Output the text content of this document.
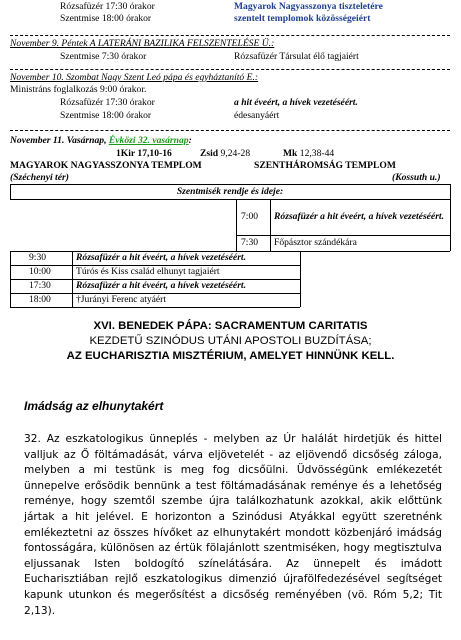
Rózsafüzér 17:30 órakor	Magyarok Nagyasszonya tiszteletére
Szentmise 18:00 órakor	szentelt templomok közösségeiért
November 9. Péntek A LATERÁNI BAZILIKA FELSZENTELÉSE Ü.:
Szentmise 7:30 órakor	Rózsafüzér Társulat élő tagjaiért
November 10. Szombat Nagy Szent Leó pápa és egyháztanító E.:
Ministráns foglalkozás 9:00 órakor.
Rózsafüzér 17:30 órakor	a hit éveért, a hívek vezetéséért.
Szentmise 18:00 órakor	édesanyáért
November 11. Vasárnap, Évközi 32. vasárnap:
1Kir 17,10-16	Zsid 9,24-28	Mk 12,38-44
MAGYAROK NAGYASSZONYA TEMPLOM	SZENTHÁROMSÁG TEMPLOM
(Széchenyi tér)	(Kossuth u.)
Szentmisék rendje és ideje:
7:00 Rózsafüzér a hit éveért, a hívek vezetéséért.
7:30 Főpásztor szándékára
9:30	Rózsafüzér a hit éveért, a hívek vezetéséért.
10:00	Túrós és Kiss család elhunyt tagjaiért
17:30	Rózsafüzér a hit éveért, a hívek vezetéséért.
18:00	†Jurányi Ferenc atyáért
XVI. BENEDEK PÁPA: SACRAMENTUM CARITATIS
KEZDETŰ SZINÓDUS UTÁNI APOSTOLI BUZDÍTÁSA;
AZ EUCHARISZTIA MISZTÉRIUM, AMELYET HINNÜNK KELL.
Imádság az elhunytakért
32. Az eszkatologikus ünneplés - melyben az Úr halálát hirdetjük és hittel valljuk az Ő föltámadását, várva eljövetelét - az eljövendő dicsőség záloga, melyben a mi testünk is meg fog dicsőülni. Üdvösségünk emlékezetét ünnepelve erősödik bennünk a test föltámadásának reménye és a lehetőség reménye, hogy szemtől szembe újra találkozhatunk azokkal, akik előttünk jártak a hit jelével. E horizonton a Szinódusi Atyákkal együtt szeretnénk emlékeztetni az összes hívőket az elhunytakért mondott közbenjáró imádság fontosságára, különösen az értük fölajánlott szentmiséken, hogy megtisztulva eljussanak Isten boldogító színelátására. Az ünnepelt és imádott Eucharisztiában rejlő eszkatologikus dimenzió újrafölfedezésével segítséget kapunk utunkon és megerősítést a dicsőség reményében (vö. Róm 5,2; Tit 2,13).
